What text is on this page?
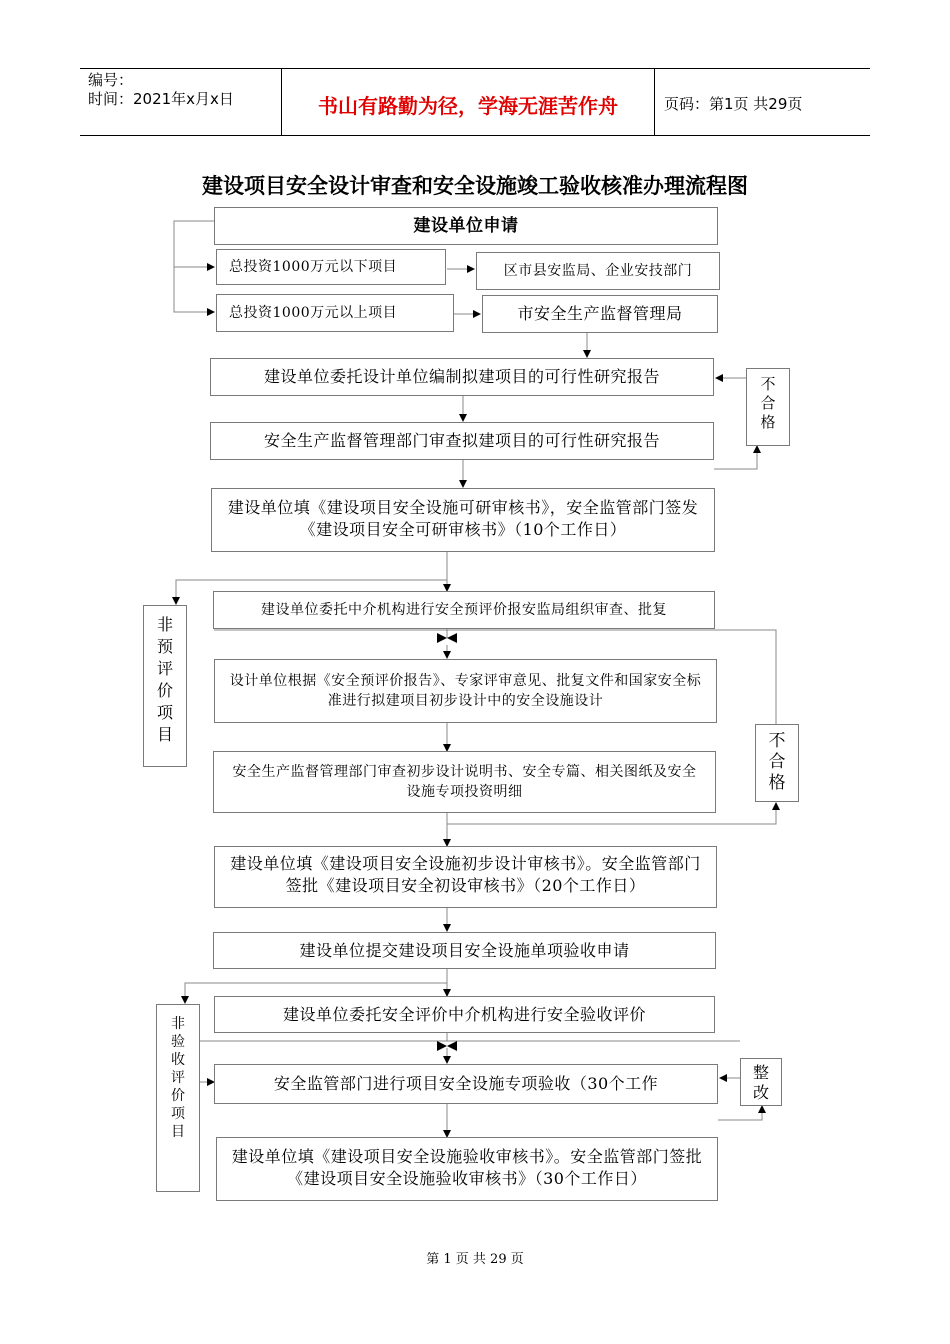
编号：
时间：2021年x月x日	书山有路勤为径，学海无涯苦作舟	页码：第1页 共29页
建设项目安全设计审查和安全设施竣工验收核准办理流程图
建设单位申请
总投资1000万元以下项目	区市县安监局、企业安技部门
总投资1000万元以上项目	市安全生产监督管理局
建设单位委托设计单位编制拟建项目的可行性研究报告
安全生产监督管理部门审查拟建项目的可行性研究报告
建设单位填《建设项目安全设施可研审核书》，安全监管部门签发《建设项目安全可研审核书》（10个工作日）
不
合
格
建设单位委托中介机构进行安全预评价报安监局组织审查、批复
非
预
评
价
项
目
设计单位根据《安全预评价报告》、专家评审意见、批复文件和国家安全标准进行拟建项目初步设计中的安全设施设计
安全生产监督管理部门审查初步设计说明书、安全专篇、相关图纸及安全设施专项投资明细
不
合
格
建设单位填《建设项目安全设施初步设计审核书》。安全监管部门签批《建设项目安全初设审核书》（20个工作日）
建设单位提交建设项目安全设施单项验收申请
建设单位委托安全评价中介机构进行安全验收评价
非
验
收
评
价
项
目
安全监管部门进行项目安全设施专项验收（30个工作
整
改
建设单位填《建设项目安全设施验收审核书》。安全监管部门签批《建设项目安全设施验收审核书》（30个工作日）
第 1 页 共 29 页
